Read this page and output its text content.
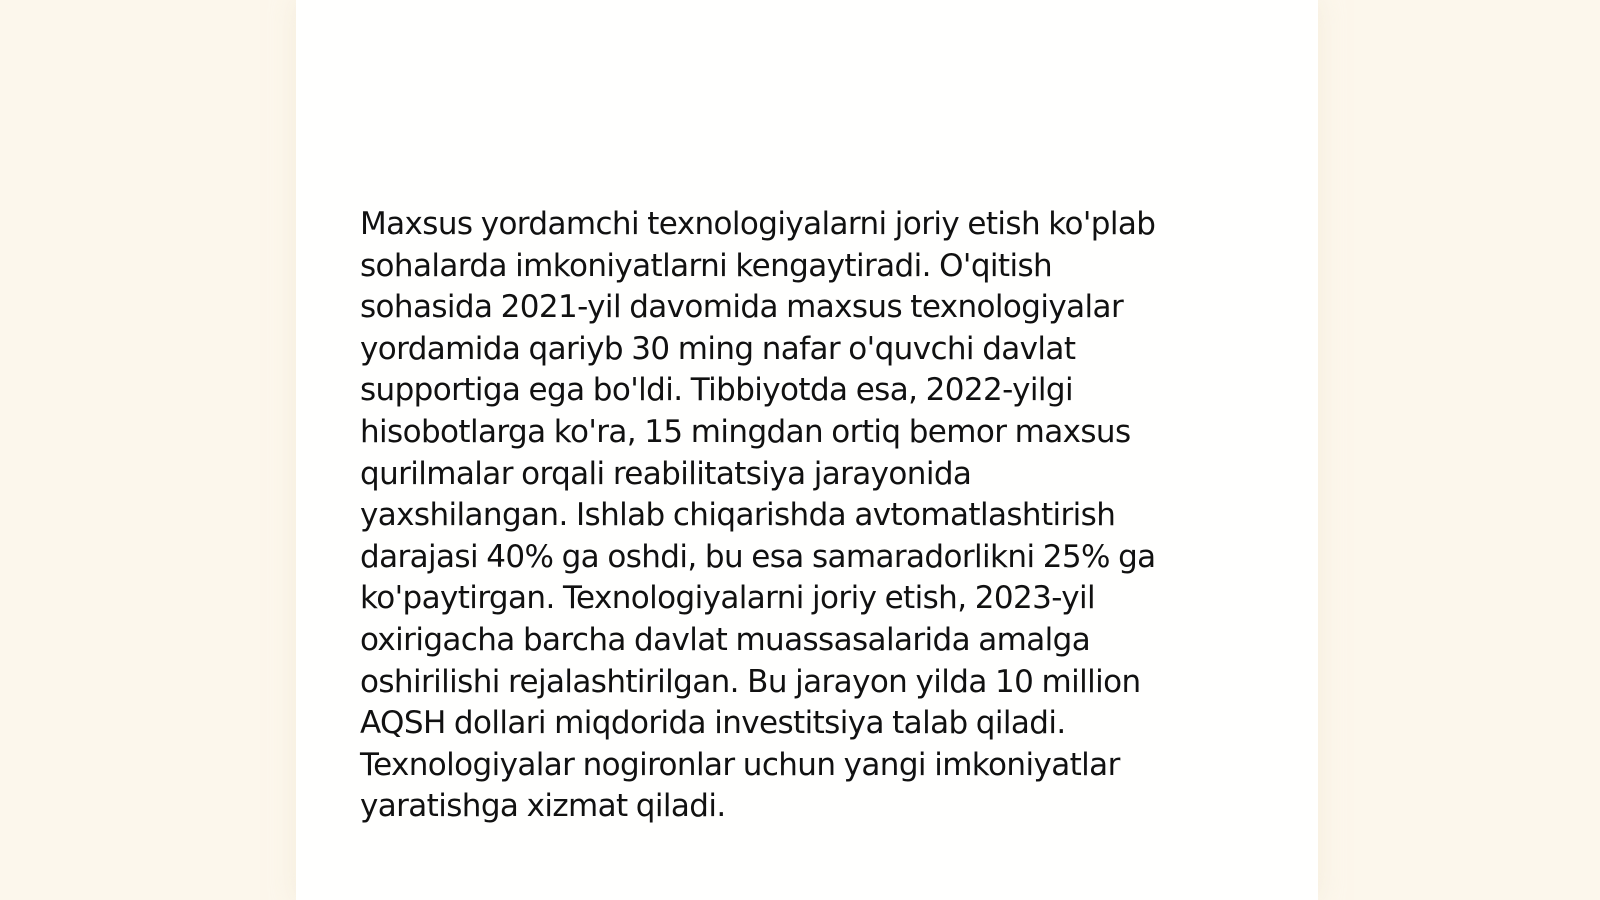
Maxsus yordamchi texnologiyalarni joriy etish ko'plab
sohalarda imkoniyatlarni kengaytiradi. O'qitish
sohasida 2021-yil davomida maxsus texnologiyalar
yordamida qariyb 30 ming nafar o'quvchi davlat
supportiga ega bo'ldi. Tibbiyotda esa, 2022-yilgi
hisobotlarga ko'ra, 15 mingdan ortiq bemor maxsus
qurilmalar orqali reabilitatsiya jarayonida
yaxshilangan. Ishlab chiqarishda avtomatlashtirish
darajasi 40% ga oshdi, bu esa samaradorlikni 25% ga
ko'paytirgan. Texnologiyalarni joriy etish, 2023-yil
oxirigacha barcha davlat muassasalarida amalga
oshirilishi rejalashtirilgan. Bu jarayon yilda 10 million
AQSH dollari miqdorida investitsiya talab qiladi.
Texnologiyalar nogironlar uchun yangi imkoniyatlar
yaratishga xizmat qiladi.
